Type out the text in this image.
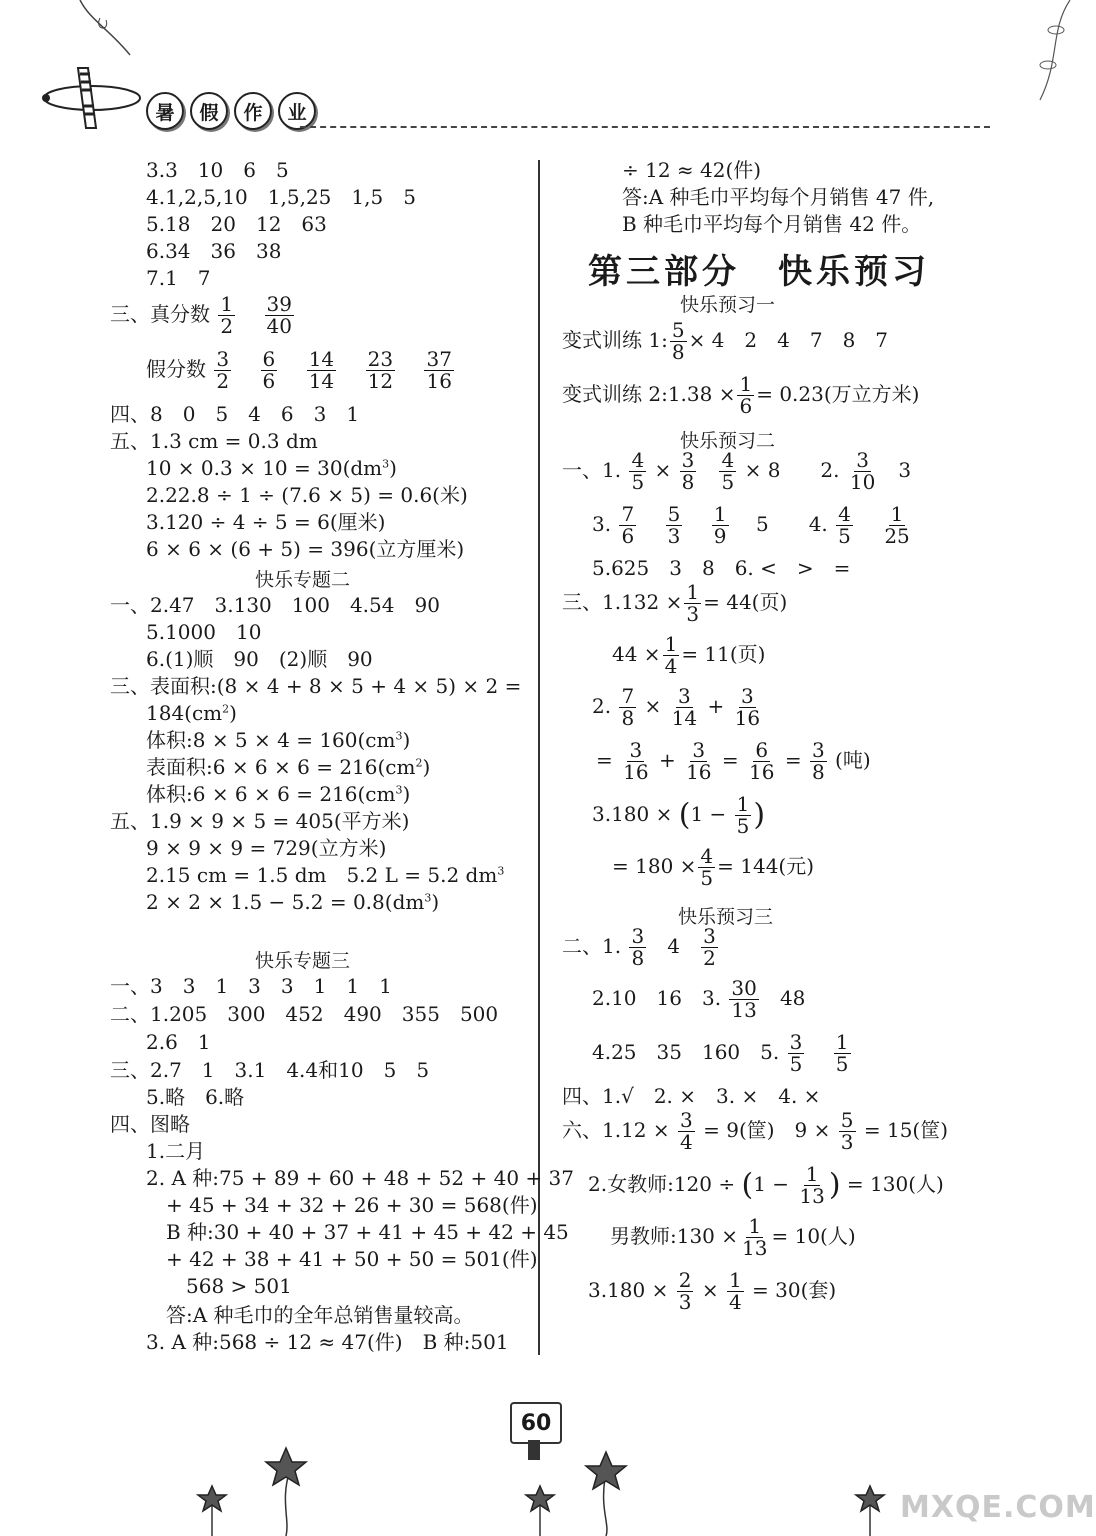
暑	假	作	业
3.3　10　6　5
4.1,2,5,10　1,5,25　1,5　5
5.18　20　12　63
6.34　36　38
7.1　7
三、真分数 $\frac{1}{2}$
$\frac{39}{40}$
假分数 $\frac{3}{2}$
$\frac{6}{6}$
$\frac{14}{14}$
$\frac{23}{12}$
$\frac{37}{16}$
四、8　0　5　4　6　3　1
五、1.3 cm = 0.3 dm
$10 \times 0.3 \times 10 = 30(dm^3)$
2.22.8 ÷ 1 ÷ (7.6 × 5) = 0.6(米)
3.120 ÷ 4 ÷ 5 = 6(厘米)
6 × 6 × (6 + 5) = 396(立方厘米)
快乐专题二
一、2.47　3.130　100　4.54　90
5.1000　10
6.(1)顺　90　(2)顺　90
三、表面积:(8 × 4 + 8 × 5 + 4 × 5) × 2 =
$184(cm^2)$
体积:8 × $5 \times 4 = 160(cm^3)$
表面积:6 × $6 \times 6 = 216(cm^2)$
体积:6 × $6 \times 6 = 216(cm^3)$
五、1.9 × 9 × 5 = 405(平方米)
9 × 9 × 9 = 729(立方米)
2.15 cm = 1.5 dm　5.2 L = 5.2 $dm^3$
$2 \times 2 \times 1.5 - 5.2 = 0.8(dm^3)$
快乐专题三
一、3　3　1　3　3　1　1　1
二、1.205　300　452　490　355　500
2.6　1
三、2.7　1　3.1　4.4和10　5　5
5.略　6.略
四、图略
1.二月
2. A 种:75 + 89 + 60 + 48 + 52 + 40 + 37
+ 45 + 34 + 32 + 26 + 30 = 568(件)
B 种:30 + 40 + 37 + 41 + 45 + 42 + 45
+ 42 + 38 + 41 + 50 + 50 = 501(件)
568 > 501
答:A 种毛巾的全年总销售量较高。
3. A 种:568 ÷ 12 ≈ 47(件)　B 种:501
÷ 12 ≈ 42(件)
答:A 种毛巾平均每个月销售 47 件,
B 种毛巾平均每个月销售 42 件。
第三部分　快乐预习
快乐预习一
变式训练 1: $\frac{5}{8} \times 4$　2　4　7　8　7
变式训练 2:1.38 × $\frac{1}{6} = 0.23$(万立方米)
快乐预习二
一、1. $\frac{4}{5} \times \frac{3}{8}$
$\frac{4}{5} \times 8$　　2. $\frac{3}{10} 3$
3. $\frac{7}{6}$
$\frac{5}{3}$
$\frac{1}{9} 5$　　4. $\frac{4}{5}$
$\frac{1}{25}$
5.625　3　8　6. <　>　=
三、$1.132 \times \frac{1}{3} = 44$(页)
$44 \times \frac{1}{4} = 11$(页)
2. $\frac{7}{8} \times \frac{3}{14} + \frac{3}{16}$
= $\frac{3}{16} + \frac{3}{16} = \frac{6}{16} = \frac{3}{8}$ (吨)
$3.180 \times (1 - \frac{1}{5}$ )
= $180 \times \frac{4}{5} = 144$(元)
快乐预习三
二、1. $\frac{3}{8} 4 \frac{3}{2}$
2.10　16　3. $\frac{30}{13} 48$
4.25　35　160　5. $\frac{3}{5}$
$\frac{1}{5}$
四、1.√　2. ×　3. ×　4. ×
六、$1.12 \times \frac{3}{4} = 9$(筐)　$9 \times \frac{5}{3} = 15$(筐)
2.女教师:120 ÷ ($1 - \frac{1}{13}$ ) = 130(人)
男教师:130 × $\frac{1}{13} = 10$(人)
$3.180 \times \frac{2}{3} \times \frac{1}{4} = 30$(套)
60
MXQE.COM
